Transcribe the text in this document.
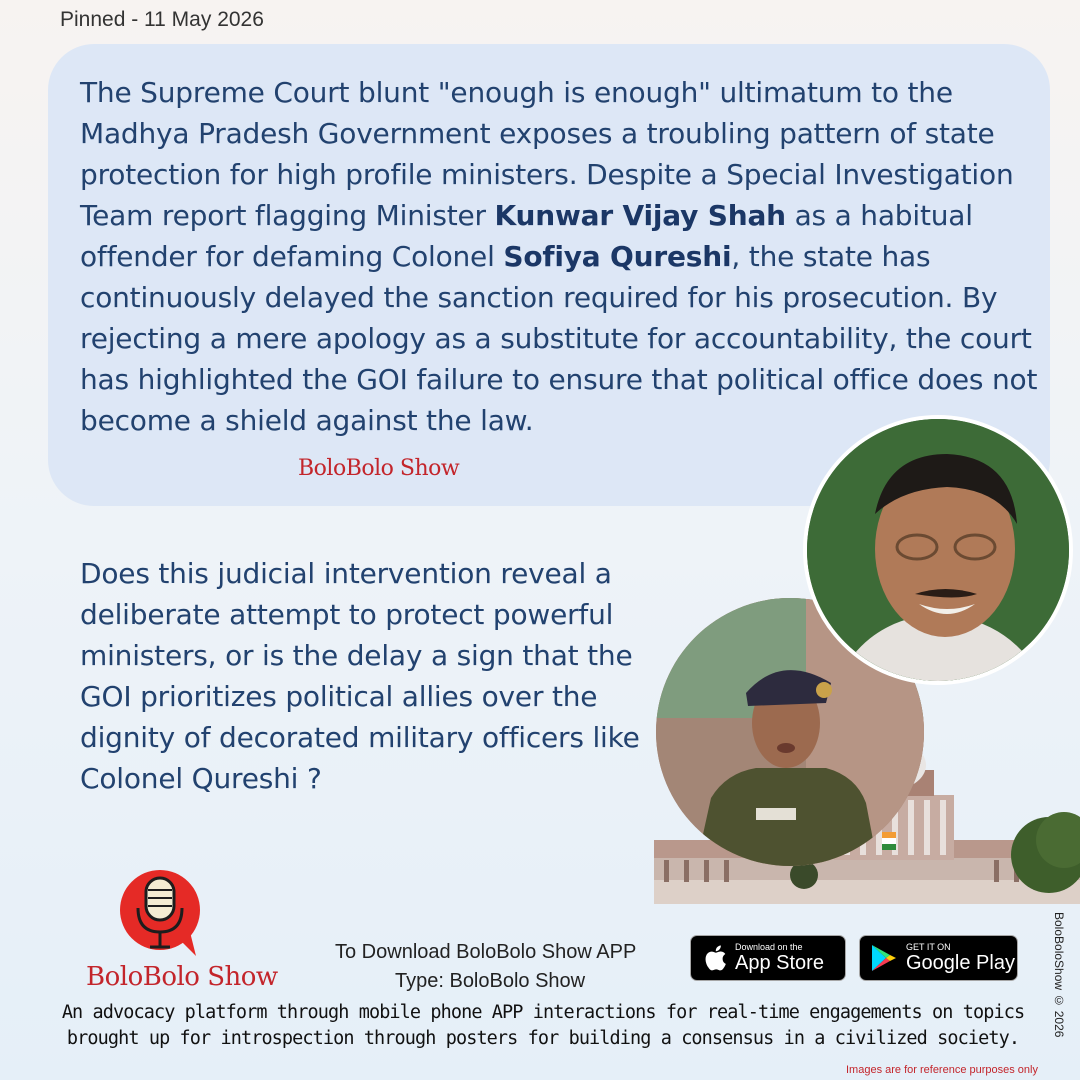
Pinned - 11 May 2026
The Supreme Court blunt "enough is enough" ultimatum to the Madhya Pradesh Government exposes a troubling pattern of state protection for high profile ministers. Despite a Special Investigation Team report flagging Minister Kunwar Vijay Shah as a habitual offender for defaming Colonel Sofiya Qureshi, the state has continuously delayed the sanction required for his prosecution. By rejecting a mere apology as a substitute for accountability, the court has highlighted the GOI failure to ensure that political office does not become a shield against the law.
BoloBolo Show
Does this judicial intervention reveal a deliberate attempt to protect powerful ministers, or is the delay a sign that the GOI prioritizes political allies over the dignity of decorated military officers like Colonel Qureshi ?
BoloBolo Show
To Download BoloBolo Show APP
Type: BoloBolo Show
Download on the
App Store
GET IT ON
Google Play
An advocacy platform through mobile phone APP interactions for real-time engagements on topics brought up for introspection through posters for building a consensus in a civilized society.
Images are for reference purposes only
BoloBoloShow © 2026
